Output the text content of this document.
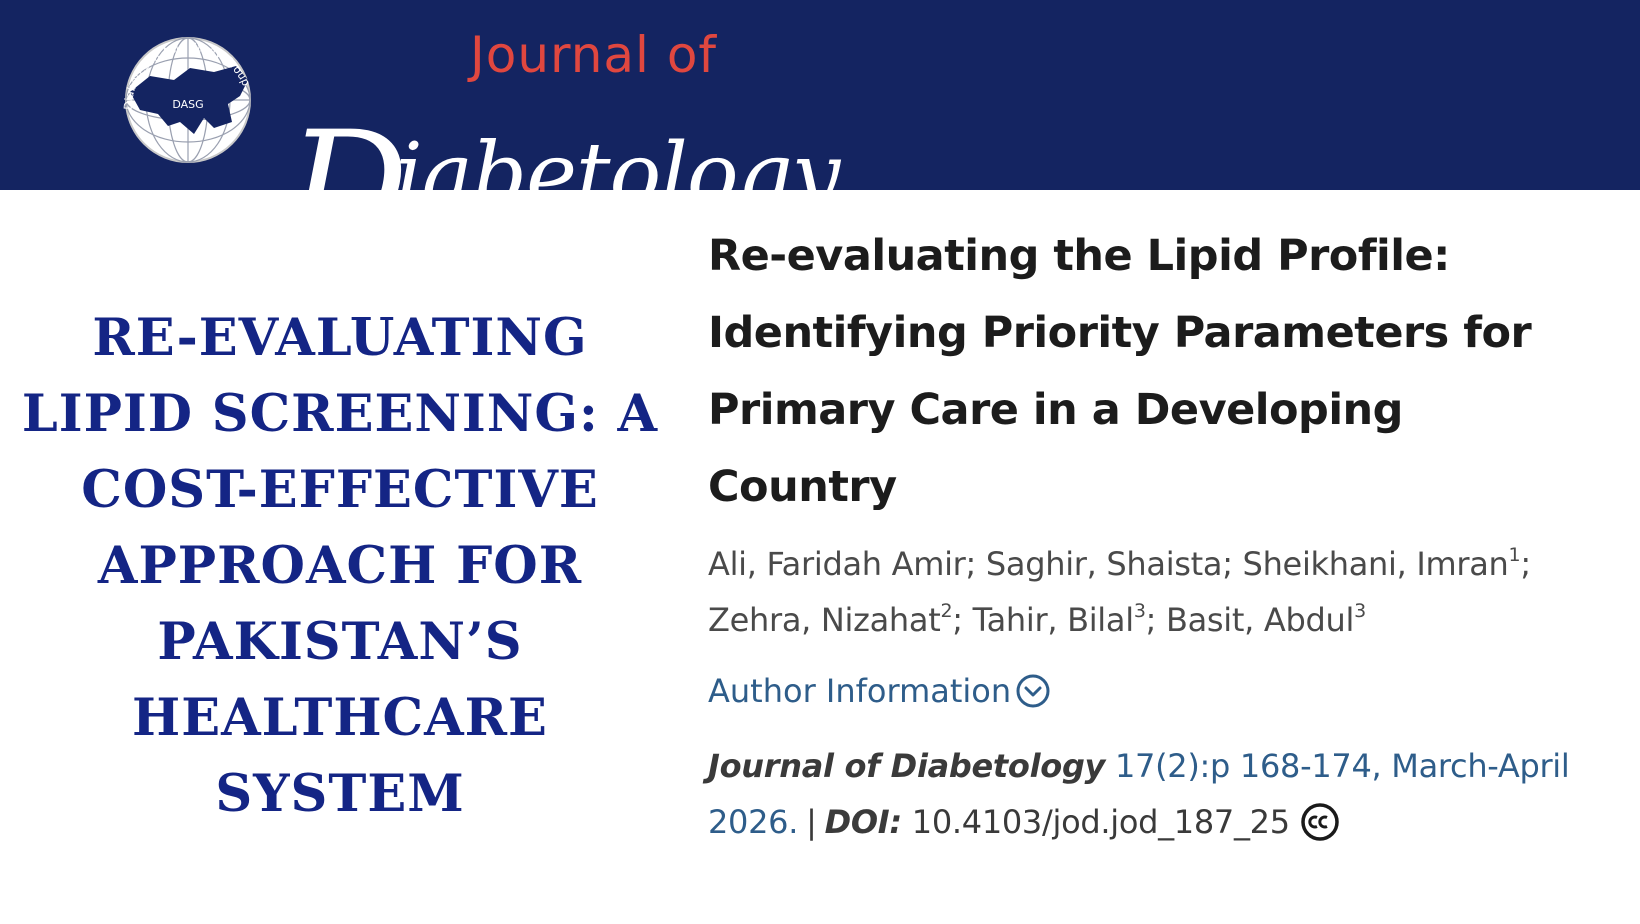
DASG
Diabetes in Asia Study Group	Journal of
Diabetology
RE-EVALUATING
LIPID SCREENING: A
COST-EFFECTIVE
APPROACH FOR
PAKISTAN’S
HEALTHCARE SYSTEM
Re-evaluating the Lipid Profile:
Identifying Priority Parameters for
Primary Care in a Developing
Country
Ali, Faridah Amir; Saghir, Shaista; Sheikhani, Imran$^1$;
Zehra, Nizahat$^2$; Tahir, Bilal$^3$; Basit, Abdul$^3$
Author Information
Journal of Diabetology 17(2):p 168-174, March-April
2026. | DOI: 10.4103/jod.jod_187_25
